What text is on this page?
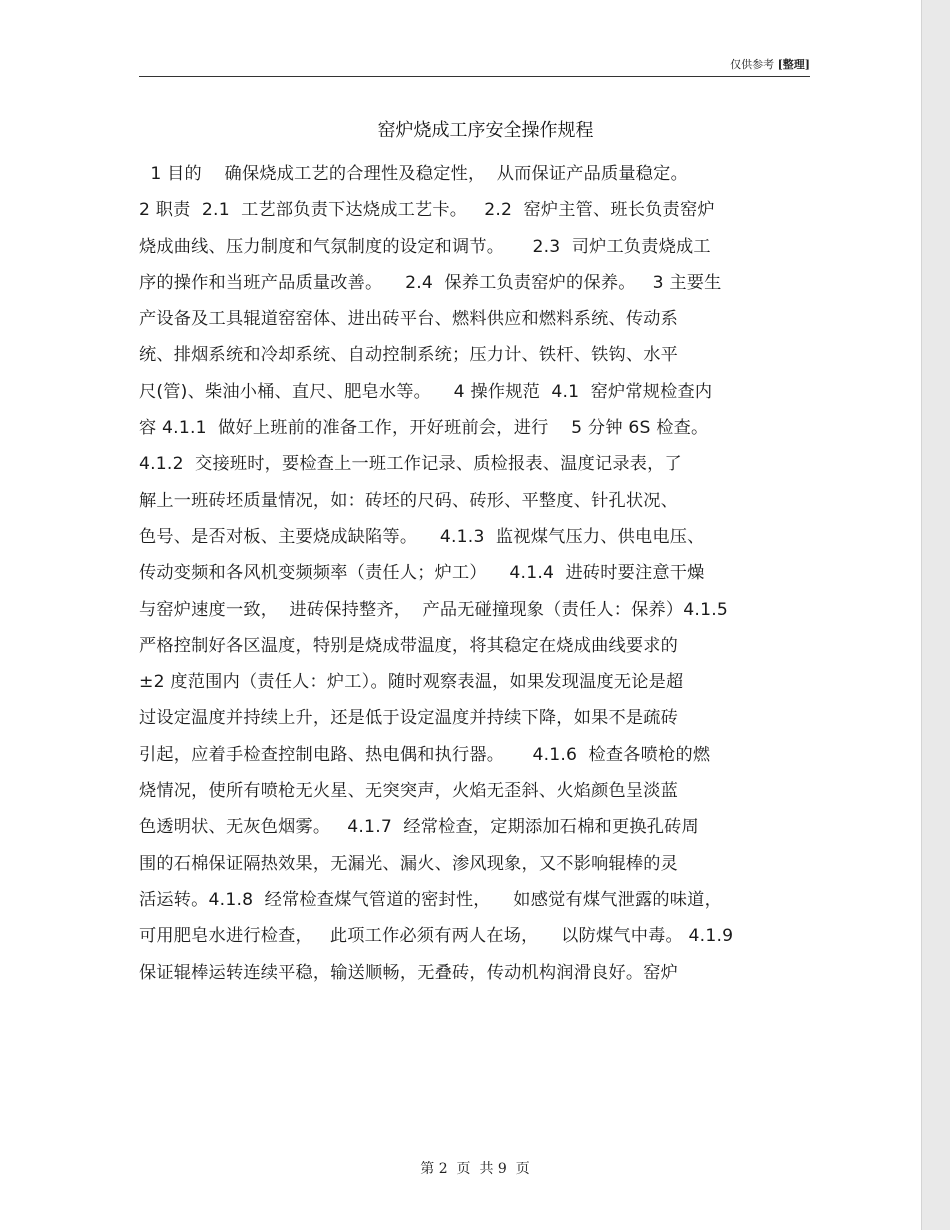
仅供参考 [整理]
窑炉烧成工序安全操作规程
1 目的    确保烧成工艺的合理性及稳定性，  从而保证产品质量稳定。
2 职责  2.1  工艺部负责下达烧成工艺卡。   2.2  窑炉主管、班长负责窑炉
烧成曲线、压力制度和气氛制度的设定和调节。     2.3  司炉工负责烧成工
序的操作和当班产品质量改善。    2.4  保养工负责窑炉的保养。   3 主要生
产设备及工具辊道窑窑体、进出砖平台、燃料供应和燃料系统、传动系
统、排烟系统和冷却系统、自动控制系统；压力计、铁杆、铁钩、水平
尺(管)、柴油小桶、直尺、肥皂水等。    4 操作规范  4.1  窑炉常规检查内
容 4.1.1  做好上班前的准备工作，开好班前会，进行    5 分钟 6S 检查。
4.1.2  交接班时，要检查上一班工作记录、质检报表、温度记录表，了
解上一班砖坯质量情况，如：砖坯的尺码、砖形、平整度、针孔状况、
色号、是否对板、主要烧成缺陷等。    4.1.3  监视煤气压力、供电电压、
传动变频和各风机变频频率（责任人；炉工）    4.1.4  进砖时要注意干燥
与窑炉速度一致，  进砖保持整齐，  产品无碰撞现象（责任人：保养）4.1.5
严格控制好各区温度，特别是烧成带温度，将其稳定在烧成曲线要求的
±2 度范围内（责任人：炉工）。随时观察表温，如果发现温度无论是超
过设定温度并持续上升，还是低于设定温度并持续下降，如果不是疏砖
引起，应着手检查控制电路、热电偶和执行器。     4.1.6  检查各喷枪的燃
烧情况，使所有喷枪无火星、无突突声，火焰无歪斜、火焰颜色呈淡蓝
色透明状、无灰色烟雾。   4.1.7  经常检查，定期添加石棉和更换孔砖周
围的石棉保证隔热效果，无漏光、漏火、渗风现象，又不影响辊棒的灵
活运转。4.1.8  经常检查煤气管道的密封性，    如感觉有煤气泄露的味道，
可用肥皂水进行检查，   此项工作必须有两人在场，    以防煤气中毒。 4.1.9
保证辊棒运转连续平稳，输送顺畅，无叠砖，传动机构润滑良好。窑炉
第 2  页  共 9  页
